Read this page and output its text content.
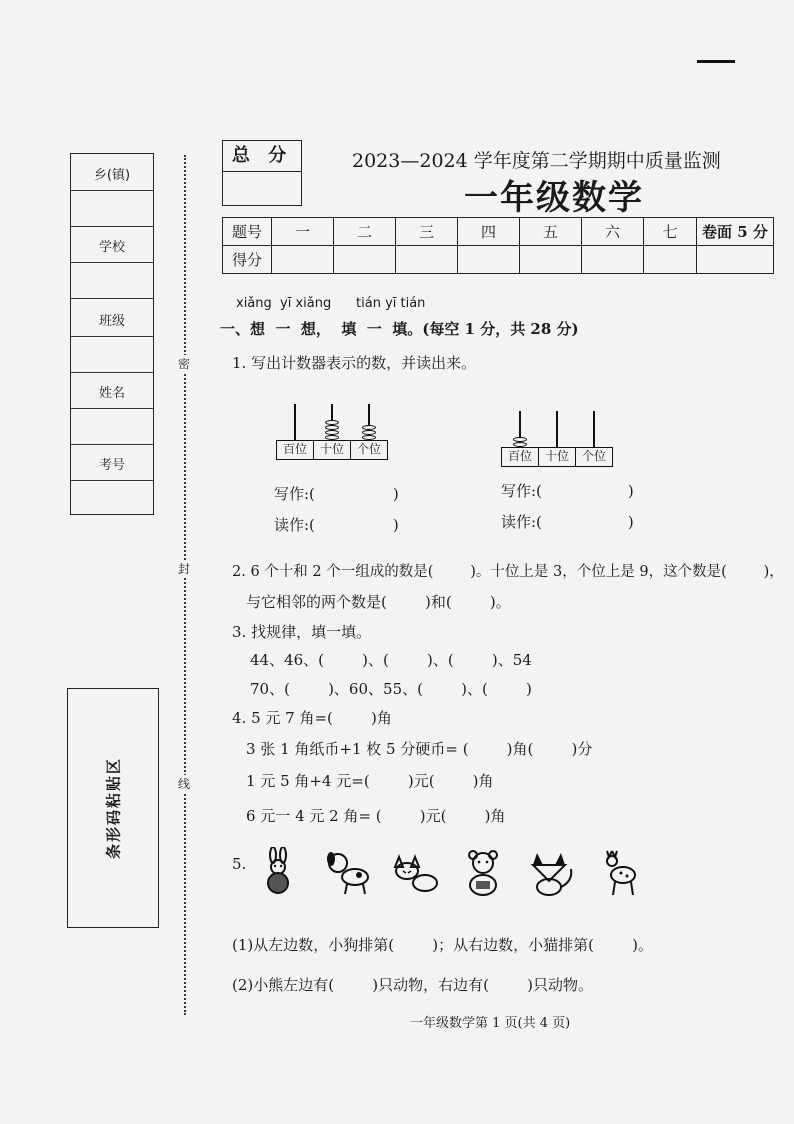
乡(镇)
学校
班级
姓名
考号
条形码粘贴区
密
封
线
总 分	2023—2024 学年度第二学期期中质量监测
一年级数学
题号	一	二	三	四	五	六	七	卷面 5 分
得分								
xiǎng  yī xiǎng      tián yī tián
一、想  一  想，  填  一  填。(每空 1 分，共 28 分)
1. 写出计数器表示的数，并读出来。
百位	十位	个位	百位	十位	个位
写作:(	)
读作:(	)
写作:(	)
读作:(	)
2. 6 个十和 2 个一组成的数是(        )。十位上是 3，个位上是 9，这个数是(        )，
与它相邻的两个数是(        )和(        )。
3. 找规律，填一填。
44、46、(        )、(        )、(        )、54
70、(        )、60、55、(        )、(        )
4. 5 元 7 角=(        )角
3 张 1 角纸币+1 枚 5 分硬币= (        )角(        )分
1 元 5 角+4 元=(        )元(        )角
6 元一 4 元 2 角= (        )元(        )角
5.
(1)从左边数，小狗排第(        )；从右边数，小猫排第(        )。
(2)小熊左边有(        )只动物，右边有(        )只动物。
一年级数学第 1 页(共 4 页)
